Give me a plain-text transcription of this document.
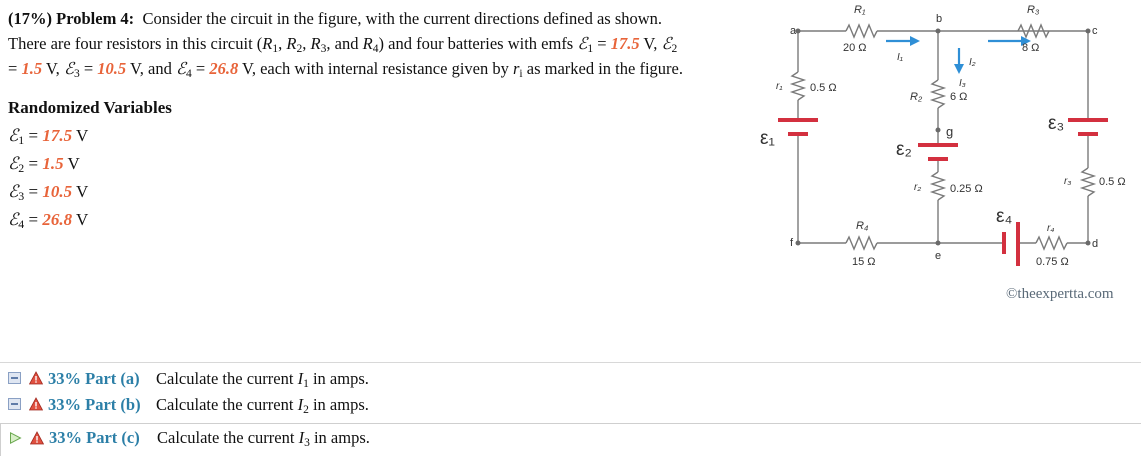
(17%) Problem 4: Consider the circuit in the figure, with the current directions defined as shown.
There are four resistors in this circuit ($R_1$, $R_2$, $R_3$, and $R_4$) and four batteries with emfs ℰ$_1$ = 17.5 V, ℰ$_2$
= 1.5 V, ℰ$_3$ = 10.5 V, and ℰ$_4$ = 26.8 V, each with internal resistance given by $r_i$ as marked in the figure.
Randomized Variables
ℰ$_1$ = 17.5 V
ℰ$_2$ = 1.5 V
ℰ$_3$ = 10.5 V
ℰ$_4$ = 26.8 V
a
b
c
d
e
f
g
R₁
20 Ω
R₃
8 Ω
R₂	6 Ω
R₄
15 Ω
r₁	0.5 Ω
r₂	0.25 Ω
r₃	0.5 Ω
r₄
0.75 Ω
ε₁
ε₂
ε₃
ε₄
I₁	I₂
I₃
©theexpertta.com
33% Part (a) Calculate the current $I_1$ in amps.
33% Part (b) Calculate the current $I_2$ in amps.
33% Part (c) Calculate the current $I_3$ in amps.
